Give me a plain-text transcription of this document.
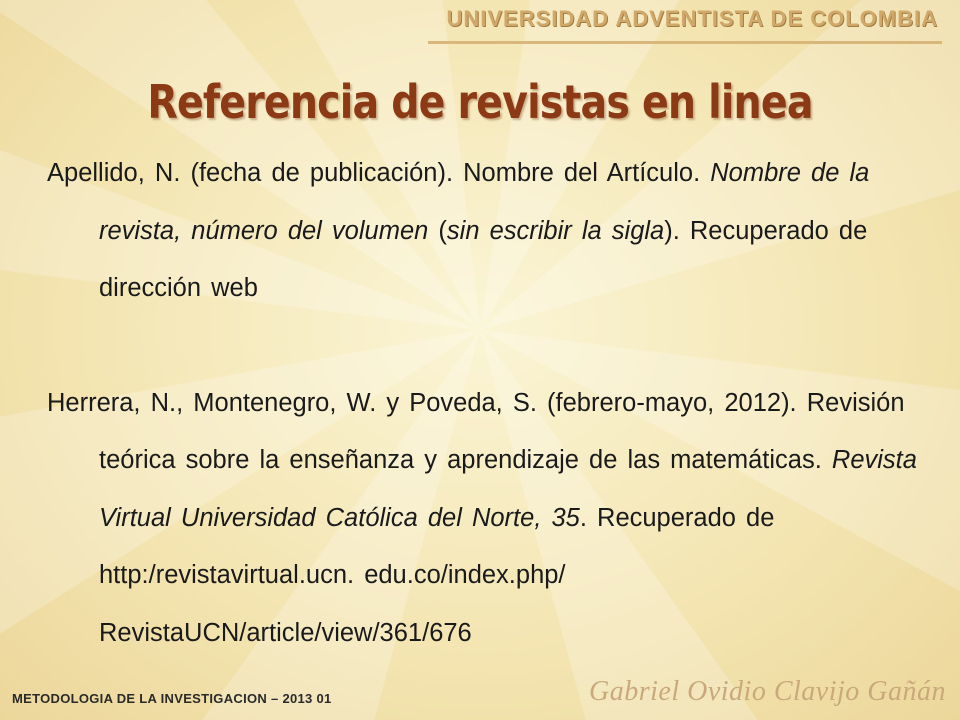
UNIVERSIDAD ADVENTISTA DE COLOMBIA
Referencia de revistas en linea

Apellido, N. (fecha de publicación). Nombre del Artículo. Nombre de la revista, número del volumen (sin escribir la sigla). Recuperado de dirección web

Herrera, N., Montenegro, W. y Poveda, S. (febrero-mayo, 2012). Revisión teórica sobre la enseñanza y aprendizaje de las matemáticas. Revista Virtual Universidad Católica del Norte, 35. Recuperado de http:/revistavirtual.ucn. edu.co/index.php/ RevistaUCN/article/view/361/676

METODOLOGIA DE LA INVESTIGACION – 2013 01	Gabriel Ovidio Clavijo Gañán
